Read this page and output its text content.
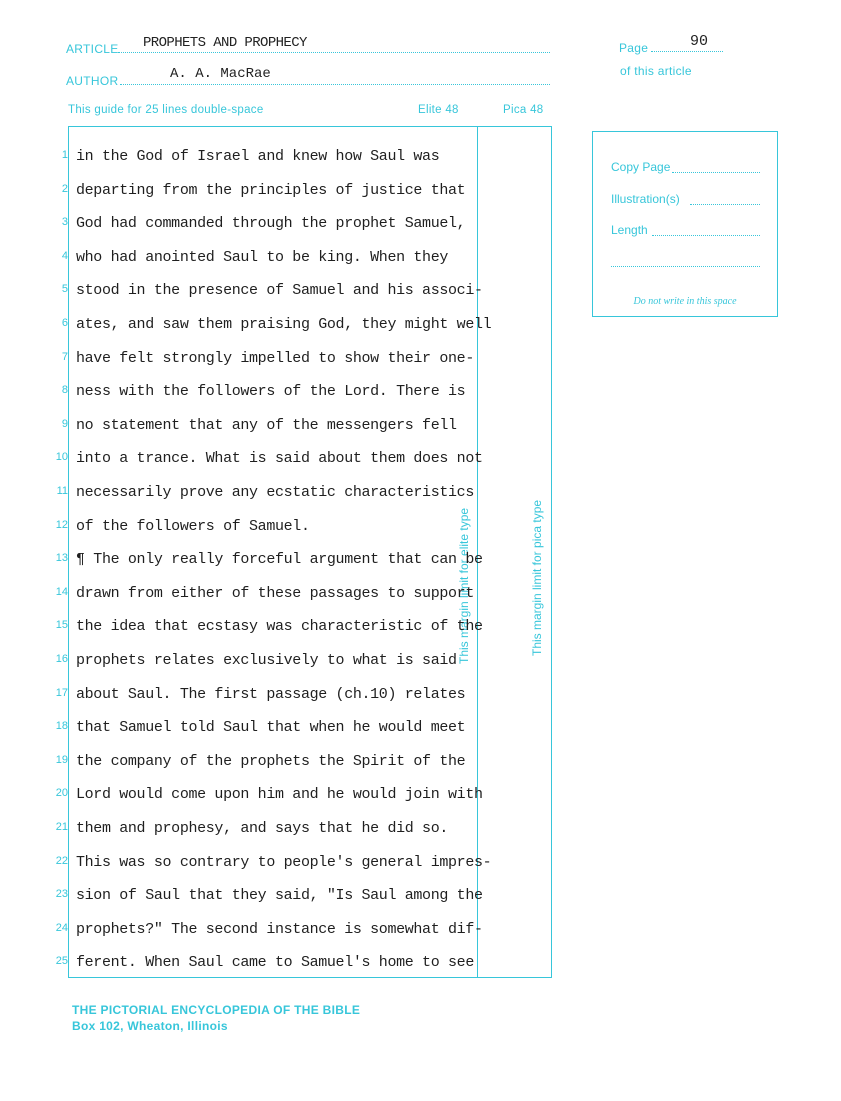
ARTICLE PROPHETS AND PROPHECY
AUTHOR	A. A. MacRae
Page	90
of this article
This guide for 25 lines double-space	Elite 48	Pica 48
This margin limit for elite type	This margin limit for pica type
1 in the God of Israel and knew how Saul was
2 departing from the principles of justice that
3 God had commanded through the prophet Samuel,
4 who had anointed Saul to be king. When they
5 stood in the presence of Samuel and his associ-
6 ates, and saw them praising God, they might well
7 have felt strongly impelled to show their one-
8 ness with the followers of the Lord. There is
9 no statement that any of the messengers fell
10 into a trance. What is said about them does not
11 necessarily prove any ecstatic characteristics
12 of the followers of Samuel.
13 ¶ The only really forceful argument that can be
14 drawn from either of these passages to support
15 the idea that ecstasy was characteristic of the
16 prophets relates exclusively to what is said
17 about Saul. The first passage (ch.10) relates
18 that Samuel told Saul that when he would meet
19 the company of the prophets the Spirit of the
20 Lord would come upon him and he would join with
21 them and prophesy, and says that he did so.
22 This was so contrary to people's general impres-
23 sion of Saul that they said, "Is Saul among the
24 prophets?" The second instance is somewhat dif-
25 ferent. When Saul came to Samuel's home to see
Copy Page
Illustration(s)
Length
Do not write in this space
THE PICTORIAL ENCYCLOPEDIA OF THE BIBLE
Box 102, Wheaton, Illinois
